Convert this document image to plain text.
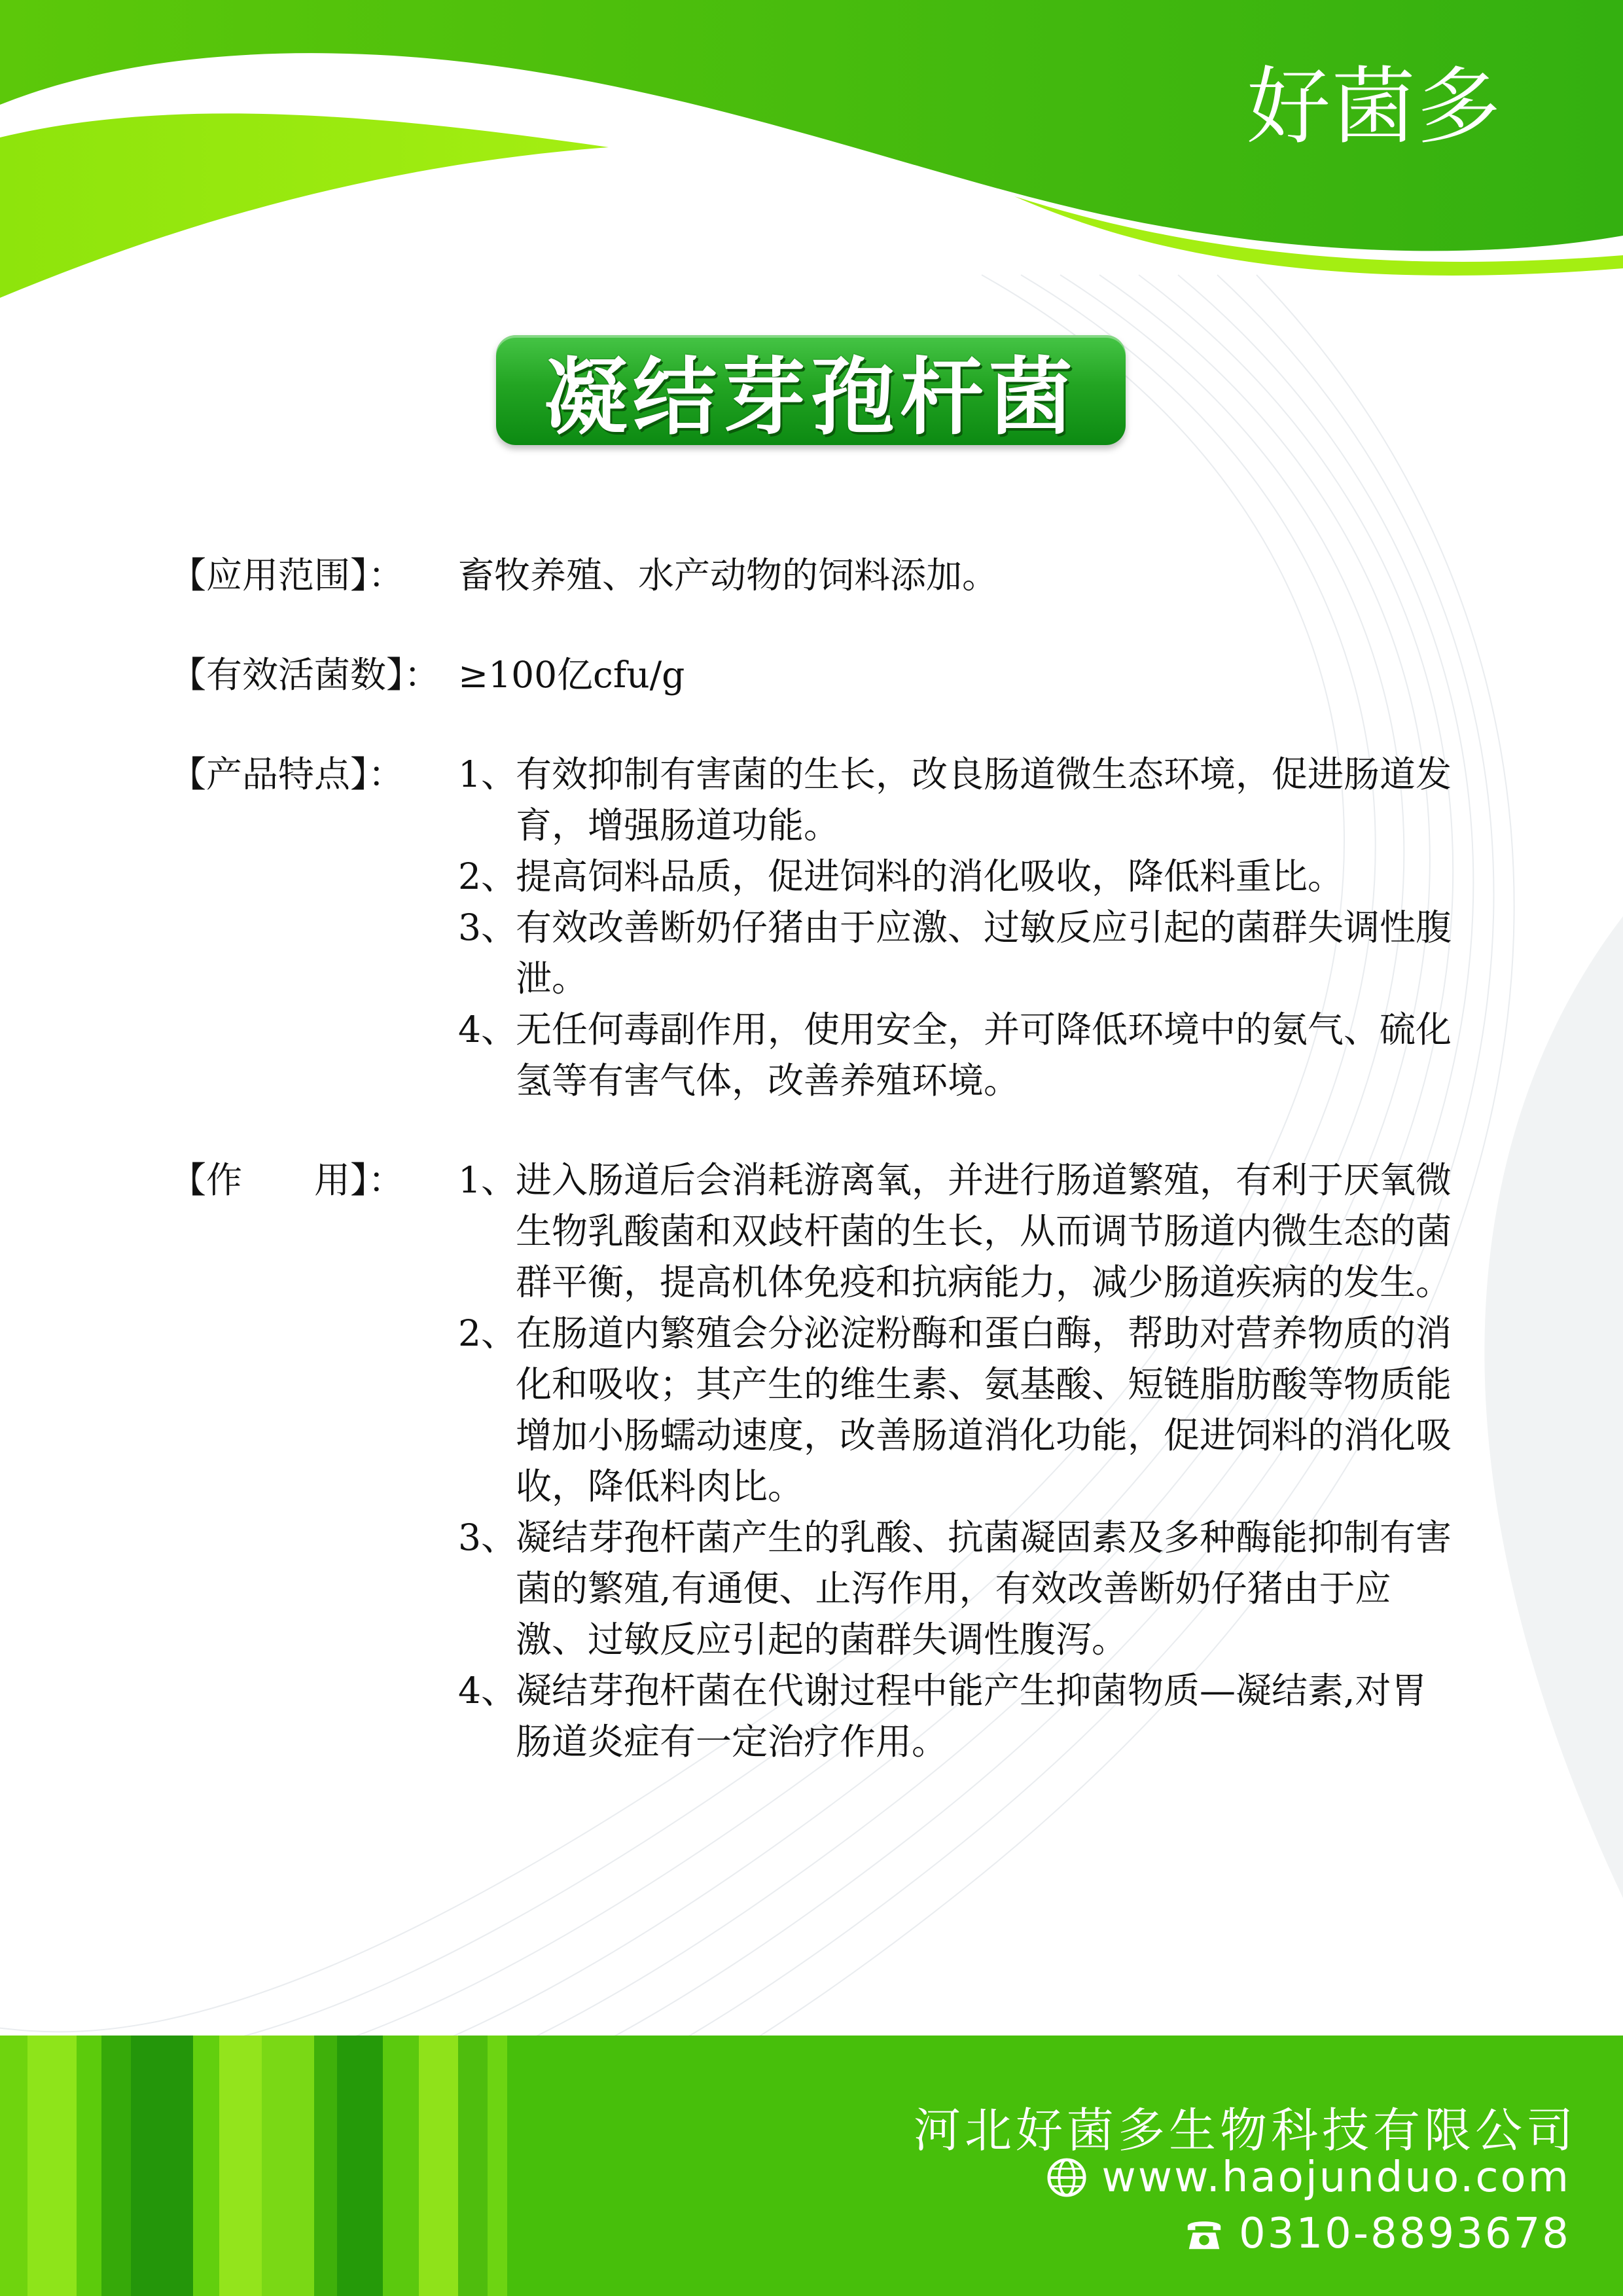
好菌多
凝结芽孢杆菌
【应用范围】：	畜牧养殖、水产动物的饲料添加。
【有效活菌数】： ≥100亿cfu/g
【产品特点】：	1、
有效抑制有害菌的生长，改良肠道微生态环境，促进肠道发育，增强肠道功能。
2、
提高饲料品质，促进饲料的消化吸收，降低料重比。
3、
有效改善断奶仔猪由于应激、过敏反应引起的菌群失调性腹泄。
4、
无任何毒副作用，使用安全，并可降低环境中的氨气、硫化氢等有害气体，改善养殖环境。
【作　　用】：	1、
进入肠道后会消耗游离氧，并进行肠道繁殖，有利于厌氧微生物乳酸菌和双歧杆菌的生长，从而调节肠道内微生态的菌群平衡，提高机体免疫和抗病能力，减少肠道疾病的发生。
2、
在肠道内繁殖会分泌淀粉酶和蛋白酶，帮助对营养物质的消化和吸收；其产生的维生素、氨基酸、短链脂肪酸等物质能增加小肠蠕动速度，改善肠道消化功能，促进饲料的消化吸收，降低料肉比。
3、
凝结芽孢杆菌产生的乳酸、抗菌凝固素及多种酶能抑制有害菌的繁殖,有通便、止泻作用，有效改善断奶仔猪由于应激、过敏反应引起的菌群失调性腹泻。
4、
凝结芽孢杆菌在代谢过程中能产生抑菌物质—凝结素,对胃肠道炎症有一定治疗作用。
河北好菌多生物科技有限公司
www.haojunduo.com
0310-8893678
